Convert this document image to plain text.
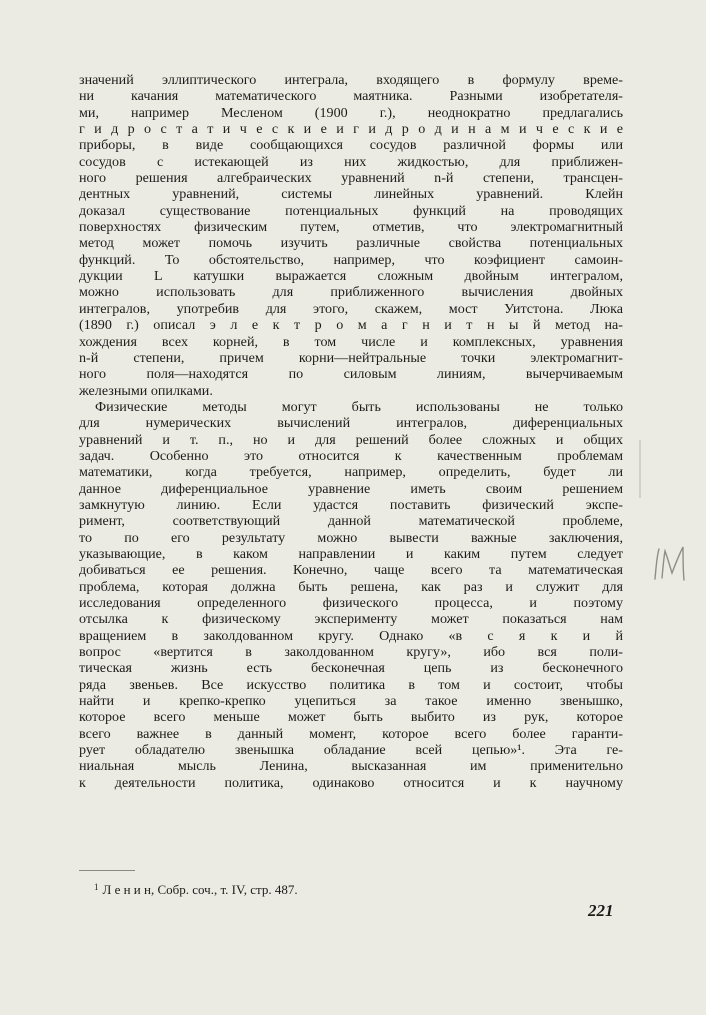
значений эллиптического интеграла, входящего в формулу време-
ни качания математического маятника. Разными изобретателя-
ми, например Месленом (1900 г.), неоднократно предлагались
г и д р о с т а т и ч е с к и е и г и д р о д и н а м и ч е с к и е
приборы, в виде сообщающихся сосудов различной формы или
сосудов с истекающей из них жидкостью, для приближен-
ного решения алгебраических уравнений n-й степени, трансцен-
дентных уравнений, системы линейных уравнений. Клейн
доказал существование потенциальных функций на проводящих
поверхностях физическим путем, отметив, что электромагнитный
метод может помочь изучить различные свойства потенциальных
функций. То обстоятельство, например, что коэфициент самоин-
дукции L катушки выражается сложным двойным интегралом,
можно использовать для приближенного вычисления двойных
интегралов, употребив для этого, скажем, мост Уитстона. Люка
(1890 г.) описал э л е к т р о м а г н и т н ы й метод на-
хождения всех корней, в том числе и комплексных, уравнения
n-й степени, причем корни—нейтральные точки электромагнит-
ного поля—находятся по силовым линиям, вычерчиваемым
железными опилками.
Физические методы могут быть использованы не только
для нумерических вычислений интегралов, диференциальных
уравнений и т. п., но и для решений более сложных и общих
задач. Особенно это относится к качественным проблемам
математики, когда требуется, например, определить, будет ли
данное диференциальное уравнение иметь своим решением
замкнутую линию. Если удастся поставить физический экспе-
римент, соответствующий данной математической проблеме,
то по его результату можно вывести важные заключения,
указывающие, в каком направлении и каким путем следует
добиваться ее решения. Конечно, чаще всего та математическая
проблема, которая должна быть решена, как раз и служит для
исследования определенного физического процесса, и поэтому
отсылка к физическому эксперименту может показаться нам
вращением в заколдованном кругу. Однако «в с я к и й
вопрос «вертится в заколдованном кругу», ибо вся поли-
тическая жизнь есть бесконечная цепь из бесконечного
ряда звеньев. Все искусство политика в том и состоит, чтобы
найти и крепко-крепко уцепиться за такое именно звенышко,
которое всего меньше может быть выбито из рук, которое
всего важнее в данный момент, которое всего более гаранти-
рует обладателю звенышка обладание всей цепью»¹. Эта ге-
ниальная мысль Ленина, высказанная им применительно
к деятельности политика, одинаково относится и к научному
$^1$ Л е н и н, Собр. соч., т. IV, стр. 487.
221
